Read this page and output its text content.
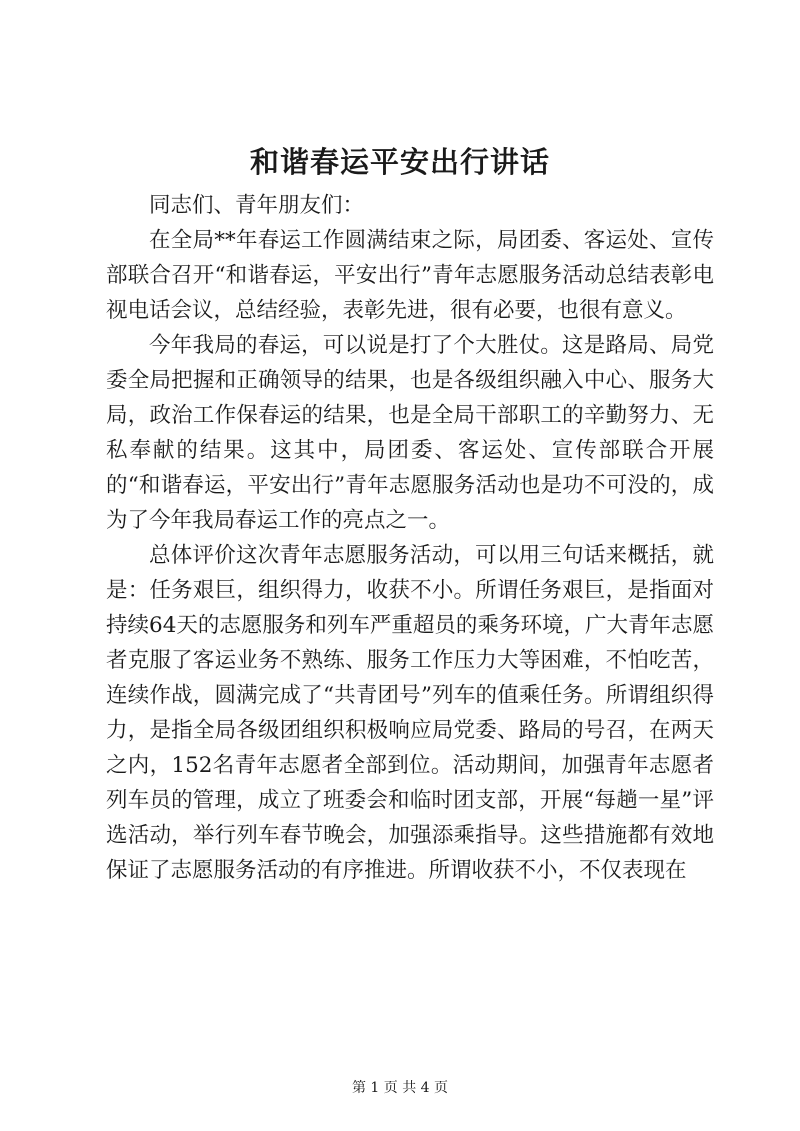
和谐春运平安出行讲话

同志们、青年朋友们：

在全局**年春运工作圆满结束之际，局团委、客运处、宣传部联合召开“和谐春运，平安出行”青年志愿服务活动总结表彰电视电话会议，总结经验，表彰先进，很有必要，也很有意义。

今年我局的春运，可以说是打了个大胜仗。这是路局、局党委全局把握和正确领导的结果，也是各级组织融入中心、服务大局，政治工作保春运的结果，也是全局干部职工的辛勤努力、无私奉献的结果。这其中，局团委、客运处、宣传部联合开展的“和谐春运，平安出行”青年志愿服务活动也是功不可没的，成为了今年我局春运工作的亮点之一。

总体评价这次青年志愿服务活动，可以用三句话来概括，就是：任务艰巨，组织得力，收获不小。所谓任务艰巨，是指面对持续64天的志愿服务和列车严重超员的乘务环境，广大青年志愿者克服了客运业务不熟练、服务工作压力大等困难，不怕吃苦，连续作战，圆满完成了“共青团号”列车的值乘任务。所谓组织得力，是指全局各级团组织积极响应局党委、路局的号召，在两天之内，152名青年志愿者全部到位。活动期间，加强青年志愿者列车员的管理，成立了班委会和临时团支部，开展“每趟一星”评选活动，举行列车春节晚会，加强添乘指导。这些措施都有效地保证了志愿服务活动的有序推进。所谓收获不小，不仅表现在

第 1 页 共 4 页
